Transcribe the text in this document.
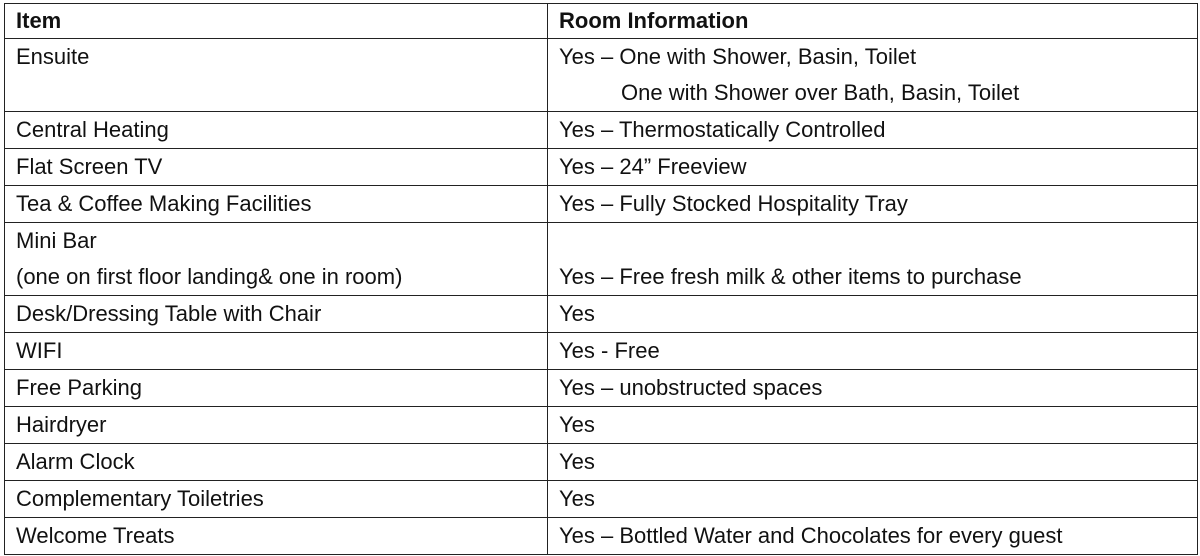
Item	Room Information

Ensuite	Yes – One with Shower, Basin, Toilet
One with Shower over Bath, Basin, Toilet

Central Heating	Yes – Thermostatically Controlled

Flat Screen TV	Yes – 24” Freeview

Tea & Coffee Making Facilities	Yes – Fully Stocked Hospitality Tray

Mini Bar
(one on first floor landing& one in room)	Yes – Free fresh milk & other items to purchase

Desk/Dressing Table with Chair	Yes

WIFI	Yes - Free

Free Parking	Yes – unobstructed spaces

Hairdryer	Yes

Alarm Clock	Yes

Complementary Toiletries	Yes

Welcome Treats	Yes – Bottled Water and Chocolates for every guest
